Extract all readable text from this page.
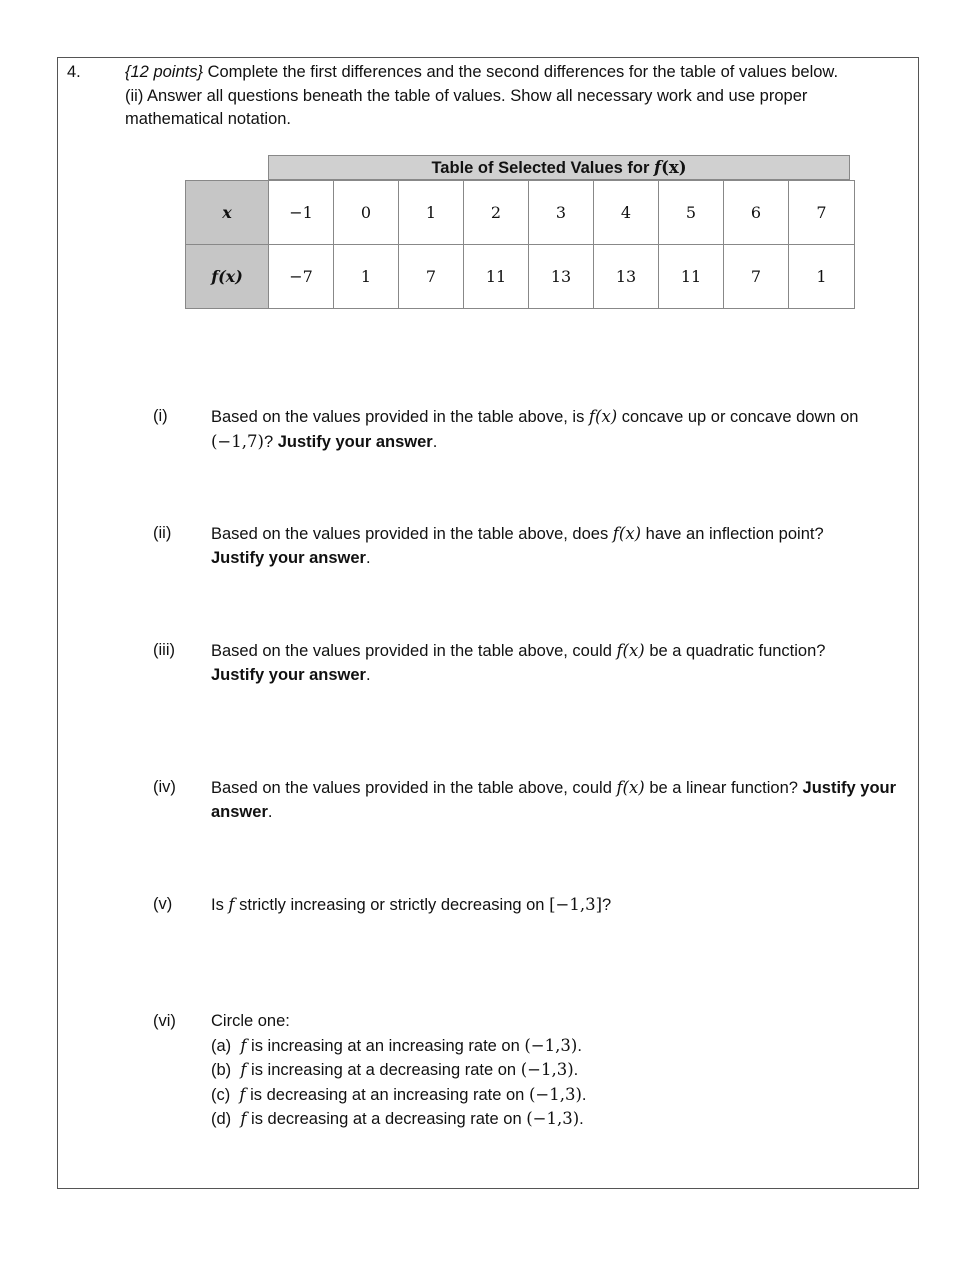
4.	{12 points} Complete the first differences and the second differences for the table of values below.
(ii) Answer all questions beneath the table of values. Show all necessary work and use proper mathematical notation.
Table of Selected Values for f(x)
x	−1	0	1	2	3	4	5	6	7
f(x)	−7	1	7	11	13	13	11	7	1
(i)	Based on the values provided in the table above, is f(x) concave up or concave down on (−1,7)? Justify your answer.
(ii) Based on the values provided in the table above, does f(x) have an inflection point?
Justify your answer.
(iii) Based on the values provided in the table above, could f(x) be a quadratic function?
Justify your answer.
(iv) Based on the values provided in the table above, could f(x) be a linear function? Justify your answer.
(v) Is f strictly increasing or strictly decreasing on [−1,3]?
(vi) Circle one:
(a)  f is increasing at an increasing rate on (−1,3).
(b)  f is increasing at a decreasing rate on (−1,3).
(c)  f is decreasing at an increasing rate on (−1,3).
(d)  f is decreasing at a decreasing rate on (−1,3).
